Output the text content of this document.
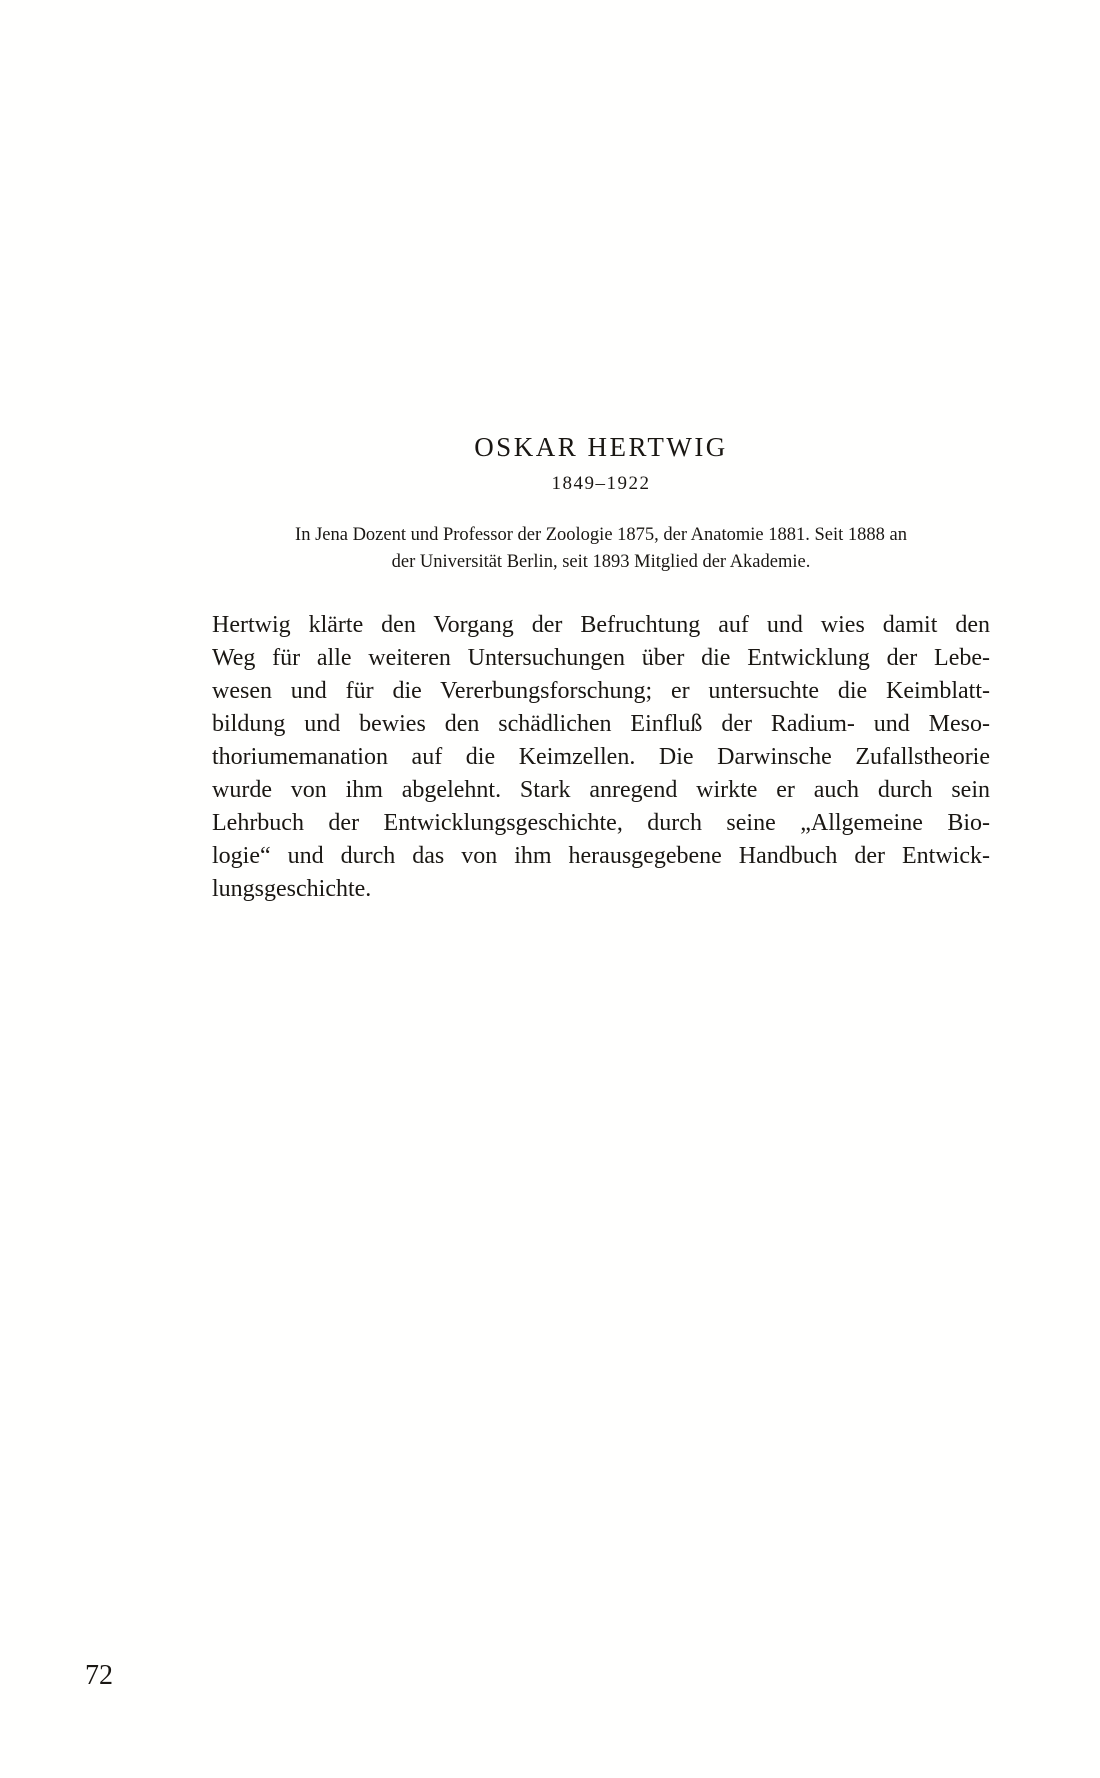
OSKAR HERTWIG
1849–1922
In Jena Dozent und Professor der Zoologie 1875, der Anatomie 1881. Seit 1888 an
der Universität Berlin, seit 1893 Mitglied der Akademie.
Hertwig klärte den Vorgang der Befruchtung auf und wies damit den
Weg für alle weiteren Untersuchungen über die Entwicklung der Lebe-
wesen und für die Vererbungsforschung; er untersuchte die Keimblatt-
bildung und bewies den schädlichen Einfluß der Radium- und Meso-
thoriumemanation auf die Keimzellen. Die Darwinsche Zufallstheorie
wurde von ihm abgelehnt. Stark anregend wirkte er auch durch sein
Lehrbuch der Entwicklungsgeschichte, durch seine „Allgemeine Bio-
logie“ und durch das von ihm herausgegebene Handbuch der Entwick-
lungsgeschichte.
72
